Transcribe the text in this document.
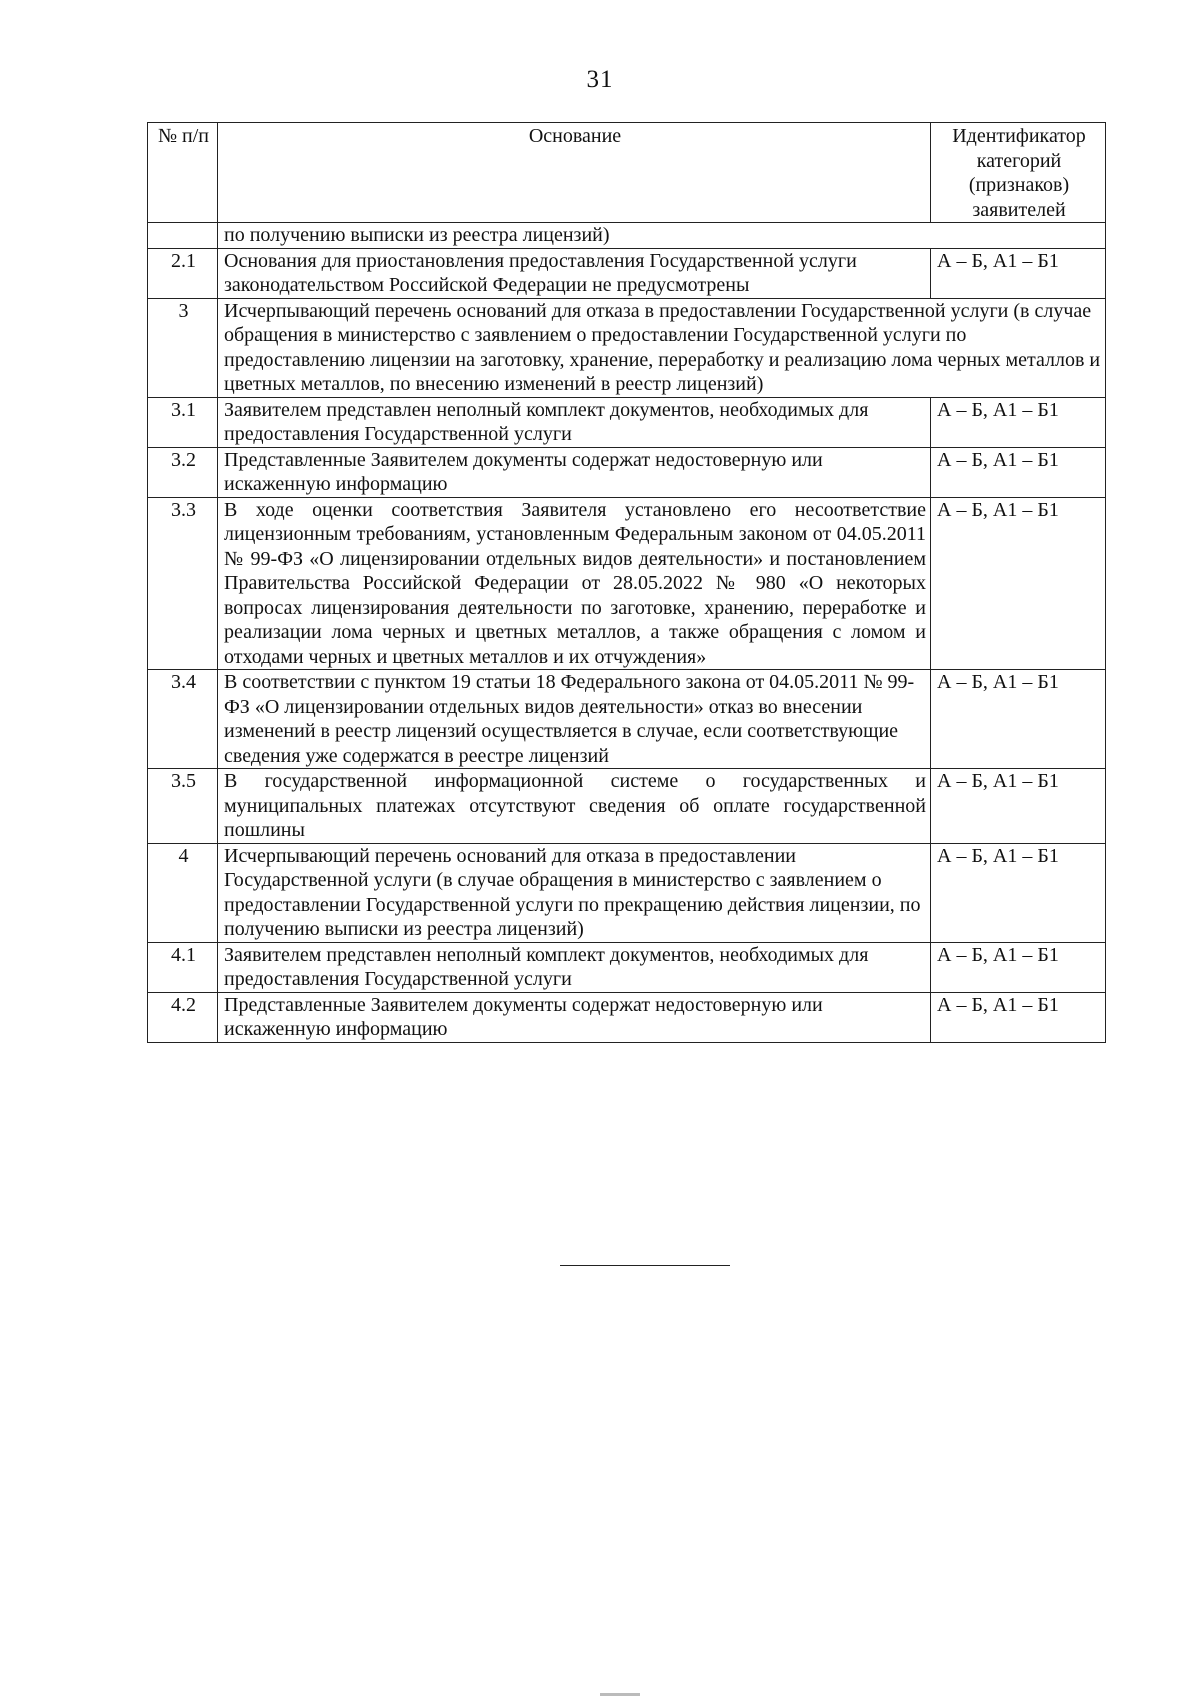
31
№ п/п	Основание	Идентификатор категорий (признаков) заявителей

	по получению выписки из реестра лицензий)	

2.1	Основания для приостановления предоставления Государственной услуги законодательством Российской Федерации не предусмотрены	А – Б, А1 – Б1
3	Исчерпывающий перечень оснований для отказа в предоставлении Государственной услуги (в случае обращения в министерство с заявлением о предоставлении Государственной услуги по предоставлению лицензии на заготовку, хранение, переработку и реализацию лома черных металлов и цветных металлов, по внесению изменений в реестр лицензий)	

3.1	Заявителем представлен неполный комплект документов, необходимых для предоставления Государственной услуги	А – Б, А1 – Б1
3.2	Представленные Заявителем документы содержат недостоверную или искаженную информацию	А – Б, А1 – Б1
3.3	В ходе оценки соответствия Заявителя установлено его несоответствие лицензионным требованиям, установленным Федеральным законом от 04.05.2011 № 99-ФЗ «О лицензировании отдельных видов деятельности» и постановлением Правительства Российской Федерации от 28.05.2022 № 980 «О некоторых вопросах лицензирования деятельности по заготовке, хранению, переработке и реализации лома черных и цветных металлов, а также обращения с ломом и отходами черных и цветных металлов и их отчуждения»	А – Б, А1 – Б1
3.4	В соответствии с пунктом 19 статьи 18 Федерального закона от 04.05.2011 № 99-ФЗ «О лицензировании отдельных видов деятельности» отказ во внесении изменений в реестр лицензий осуществляется в случае, если соответствующие сведения уже содержатся в реестре лицензий	А – Б, А1 – Б1
3.5	В государственной информационной системе о государственных и муниципальных платежах отсутствуют сведения об оплате государственной пошлины	А – Б, А1 – Б1
4	Исчерпывающий перечень оснований для отказа в предоставлении Государственной услуги (в случае обращения в министерство с заявлением о предоставлении Государственной услуги по прекращению действия лицензии, по получению выписки из реестра лицензий)	А – Б, А1 – Б1
4.1	Заявителем представлен неполный комплект документов, необходимых для предоставления Государственной услуги	А – Б, А1 – Б1
4.2	Представленные Заявителем документы содержат недостоверную или искаженную информацию	А – Б, А1 – Б1
